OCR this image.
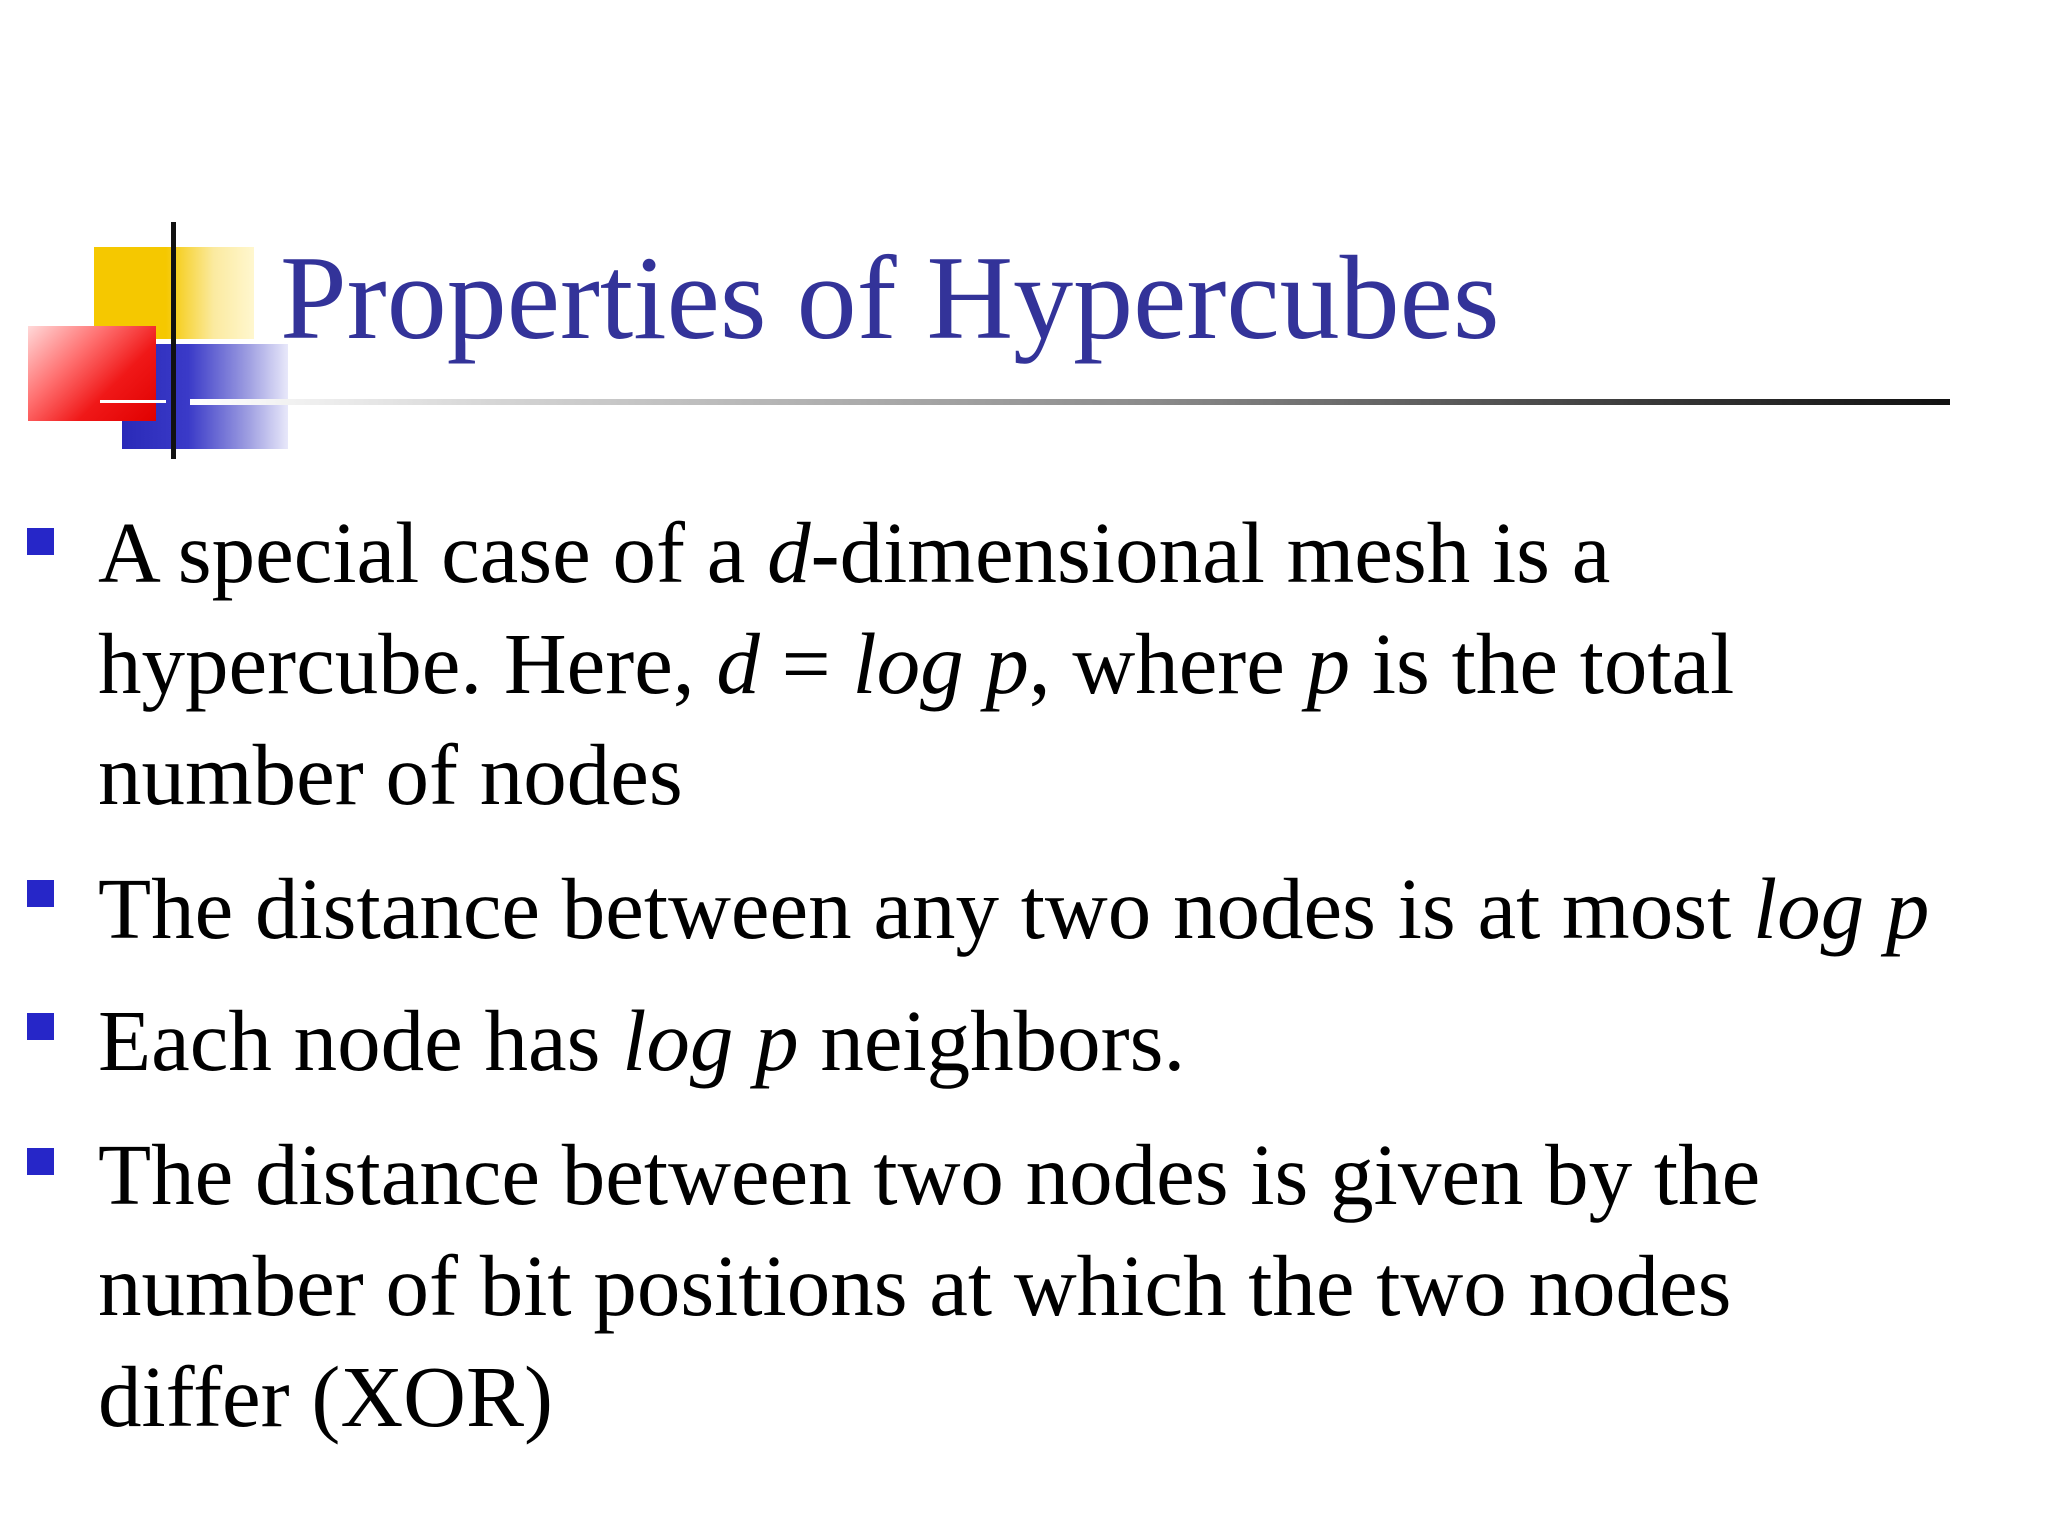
Properties of Hypercubes
A special case of a d-dimensional mesh is a
hypercube. Here, d = log p, where p is the total
number of nodes
The distance between any two nodes is at most log p
Each node has log p neighbors.
The distance between two nodes is given by the
number of bit positions at which the two nodes
differ (XOR)
